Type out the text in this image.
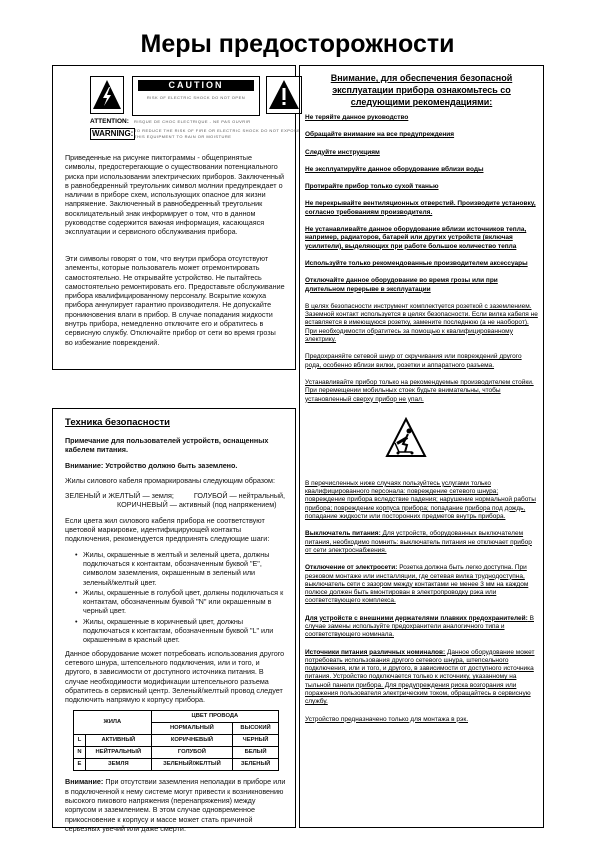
Меры предосторожности
CAUTION
RISK OF ELECTRIC SHOCK DO NOT OPEN
ATTENTION: RISQUE DE CHOC ELECTRIQUE - NE PAS OUVRIR
WARNING: TO REDUCE THE RISK OF FIRE OR ELECTRIC SHOCK DO NOT EXPOSE THIS EQUIPMENT TO RAIN OR MOISTURE
Приведенные на рисунке пиктограммы - общепринятые символы, предостерегающие о существовании потенциального риска при использовании электрических приборов. Заключенный в равнобедренный треугольник символ молнии предупреждает о наличии в приборе схем, использующих опасное для жизни напряжение. Заключенный в равнобедренный треугольник восклицательный знак информирует о том, что в данном руководстве содержится важная информация, касающаяся эксплуатации и сервисного обслуживания прибора.
Эти символы говорят о том, что внутри прибора отсутствуют элементы, которые пользователь может отремонтировать самостоятельно. Не открывайте устройство. Не пытайтесь самостоятельно ремонтировать его. Предоставьте обслуживание прибора квалифицированному персоналу. Вскрытие кожуха прибора аннулирует гарантию производителя. Не допускайте проникновения влаги в прибор. В случае попадания жидкости внутрь прибора, немедленно отключите его и обратитесь в сервисную службу. Отключайте прибор от сети во время грозы во избежание повреждений.
Техника безопасности

Примечание для пользователей устройств, оснащенных кабелем питания.

Внимание: Устройство должно быть заземлено.

Жилы силового кабеля промаркированы следующим образом:

ЗЕЛЕНЫЙ и ЖЕЛТЫЙ — земля;          ГОЛУБОЙ — нейтральный,
КОРИЧНЕВЫЙ — активный (под напряжением)

Если цвета жил силового кабеля прибора не соответствуют цветовой маркировке, идентифицирующей контакты подключения, рекомендуется предпринять следующие шаги:

• Жилы, окрашенные в желтый и зеленый цвета, должны подключаться к контактам, обозначенным буквой "E", символом заземления, окрашенным в зеленый или зеленый/желтый цвет.
• Жилы, окрашенные в голубой цвет, должны подключаться к контактам, обозначенным буквой "N" или окрашенным в черный цвет.
• Жилы, окрашенные в коричневый цвет, должны подключаться к контактам, обозначенным буквой "L" или окрашенным в красный цвет.

Данное оборудование может потребовать использования другого сетевого шнура, штепсельного подключения, или и того, и другого, в зависимости от доступного источника питания. В случае необходимости модификации штепсельного разъема обратитесь в сервисный центр. Зеленый/желтый провод следует подключить напрямую к корпусу прибора.

ЖИЛА		ЦВЕТ ПРОВОДА	
		НОРМАЛЬНЫЙ	ВЫСОКИЙ
L	АКТИВНЫЙ	КОРИЧНЕВЫЙ	ЧЕРНЫЙ
N	НЕЙТРАЛЬНЫЙ	ГОЛУБОЙ	БЕЛЫЙ
E	ЗЕМЛЯ	ЗЕЛЕНЫЙ/ЖЕЛТЫЙ	ЗЕЛЕНЫЙ

Внимание: При отсутствии заземления неполадки в приборе или в подключенной к нему системе могут привести к возникновению высокого пикового напряжения (перенапряжения) между корпусом и заземлением. В этом случае одновременное прикосновение к корпусу и массе может стать причиной серьезных увечий или даже смерти.

Внимание, для обеспечения безопасной эксплуатации прибора ознакомьтесь со следующими рекомендациями:
Не теряйте данное руководство
Обращайте внимание на все предупреждения
Следуйте инструкциям
Не эксплуатируйте данное оборудование вблизи воды
Протирайте прибор только сухой тканью
Не перекрывайте вентиляционных отверстий. Производите установку, согласно требованиям производителя.
Не устанавливайте данное оборудование вблизи источников тепла, например, радиаторов, батарей или других устройств (включая усилители), выделяющих при работе большое количество тепла
Используйте только рекомендованные производителем аксессуары
Отключайте данное оборудование во время грозы или при длительном перерыве в эксплуатации
В целях безопасности инструмент комплектуется розеткой с заземлением. Заземной контакт используется в целях безопасности. Если вилка кабеля не вставляется в имеющуюся розетку, замените последнюю (а не наоборот). При необходимости обратитесь за помощью к квалифицированному электрику.
Предохраняйте сетевой шнур от скручивания или повреждений другого рода, особенно вблизи вилки, розетки и аппаратного разъема.
Устанавливайте прибор только на рекомендуемые производителем стойки. При перемещении мобильных стоек будьте внимательны, чтобы установленный сверху прибор не упал.
В перечисленных ниже случаях пользуйтесь услугами только квалифицированного персонала: повреждение сетевого шнура; повреждение прибора вследствие падения; нарушение нормальной работы прибора; повреждение корпуса прибора; попадание прибора под дождь, попадание жидкости или посторонних предметов внутрь прибора.
Выключатель питания: Для устройств, оборудованных выключателем питания, необходимо помнить: выключатель питания не отключает прибор от сети электроснабжения.
Отключение от электросети: Розетка должна быть легко доступна. При реэковом монтаже или инсталляции, где сетевая вилка труднодоступна, выключатель сети с зазором между контактами не менее 3 мм на каждом полюсе должен быть вмонтирован в электропроводку рэка или соответствующего комплекса.
Для устройств с внешними держателями плавких предохранителей: В случае замены используйте предохранители аналогичного типа и соответствующего номинала.
Источники питания различных номиналов: Данное оборудование может потребовать использования другого сетевого шнура, штепсельного подключения, или и того, и другого, в зависимости от доступного источника питания. Устройство подключается только к источнику, указанному на тыльной панели прибора. Для предупреждения риска возгорания или поражения пользователя электрическим током, обращайтесь в сервисную службу.
Устройство предназначено только для монтажа в рэк.
